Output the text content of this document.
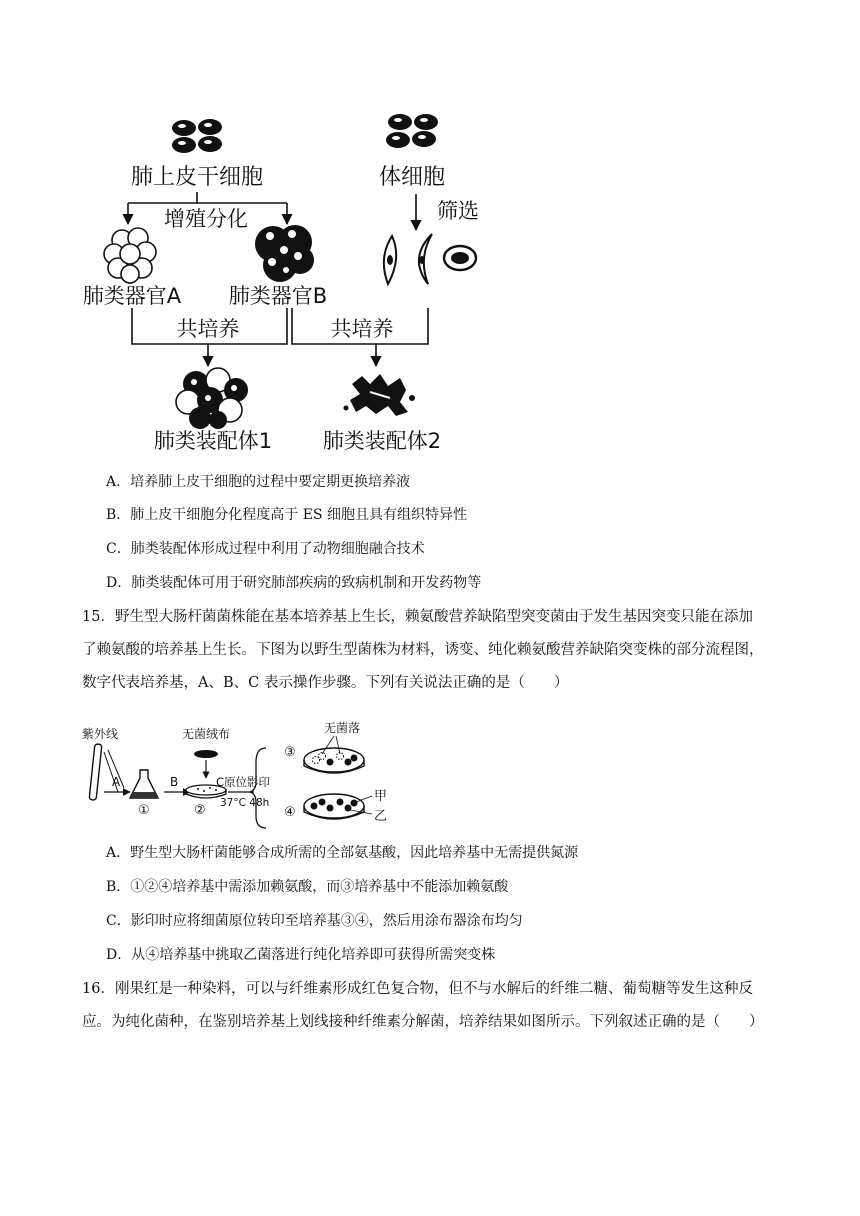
肺上皮干细胞	体细胞
增殖分化	筛选
肺类器官A 肺类器官B
共培养	共培养
肺类装配体1 肺类装配体2
A．培养肺上皮干细胞的过程中要定期更换培养液
B．肺上皮干细胞分化程度高于 ES 细胞且具有组织特异性
C．肺类装配体形成过程中利用了动物细胞融合技术
D．肺类装配体可用于研究肺部疾病的致病机制和开发药物等
15．野生型大肠杆菌菌株能在基本培养基上生长，赖氨酸营养缺陷型突变菌由于发生基因突变只能在添加
了赖氨酸的培养基上生长。下图为以野生型菌株为材料，诱变、纯化赖氨酸营养缺陷突变株的部分流程图，
数字代表培养基，A、B、C 表示操作步骤。下列有关说法正确的是（　　）
紫外线
A
①
B
无菌绒布
②
C原位影印
37°C 48h
③
无菌落
④
甲
乙
A．野生型大肠杆菌能够合成所需的全部氨基酸，因此培养基中无需提供氮源
B．①②④培养基中需添加赖氨酸，而③培养基中不能添加赖氨酸
C．影印时应将细菌原位转印至培养基③④，然后用涂布器涂布均匀
D．从④培养基中挑取乙菌落进行纯化培养即可获得所需突变株
16．刚果红是一种染料，可以与纤维素形成红色复合物，但不与水解后的纤维二糖、葡萄糖等发生这种反
应。为纯化菌种，在鉴别培养基上划线接种纤维素分解菌，培养结果如图所示。下列叙述正确的是（　　）
